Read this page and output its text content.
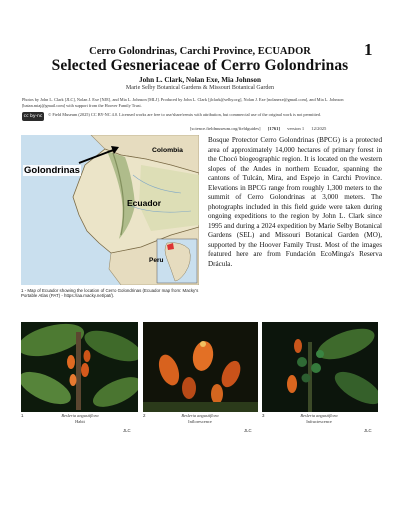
1
Cerro Golondrinas, Carchi Province, ECUADOR
Selected Gesneriaceae of Cerro Golondrinas
John L. Clark, Nolan Exe, Mia Johnson
Marie Selby Botanical Gardens & Missouri Botanical Garden
Photos by John L. Clark [JLC], Nolan J. Exe [NJE], and Mia L. Johnson [MLJ]. Produced by John L. Clark [jlclark@selby.org], Nolan J. Exe [nolanexe@gmail.com], and Mia L. Johnson [batan.miaj@gmail.com] with support from the Hoover Family Trust.
cc by-nc	© Field Museum (2025) CC BY-NC 4.0. Licensed works are free to use/share/remix with attribution, but commercial use of the original work is not permitted.
[science.fieldmuseum.org/fieldguides] [1761] version 1 12/2025
Golondrinas
Colombia
Ecuador
Peru
1 - Map of Ecuador showing the location of Cerro Golondrinas (Ecuador map from: Macky's Portable Atlas (PAT) - https://aa.macky.net/pat/).
Bosque Protector Cerro Golondrinas (BPCG) is a protected area of approximately 14,000 hectares of primary forest in the Chocó biogeographic region. It is located on the western slopes of the Andes in northern Ecuador, spanning the cantons of Tulcán, Mira, and Espejo in Carchi Province. Elevations in BPCG range from roughly 1,300 meters to the summit of Cerro Golondrinas at 3,000 meters. The photographs included in this field guide were taken during ongoing expeditions to the region by John L. Clark since 1995 and during a 2024 expedition by Marie Selby Botanical Gardens (SEL) and Missouri Botanical Garden (MO), supported by the Hoover Family Trust. Most of the images featured here are from Fundación EcoMinga's Reserva Drácula.
1	Besleria angustiflora
Habit
JLC
2	Besleria angustiflora
Inflorescence
JLC
3	Besleria angustiflora
Infructescence
JLC
